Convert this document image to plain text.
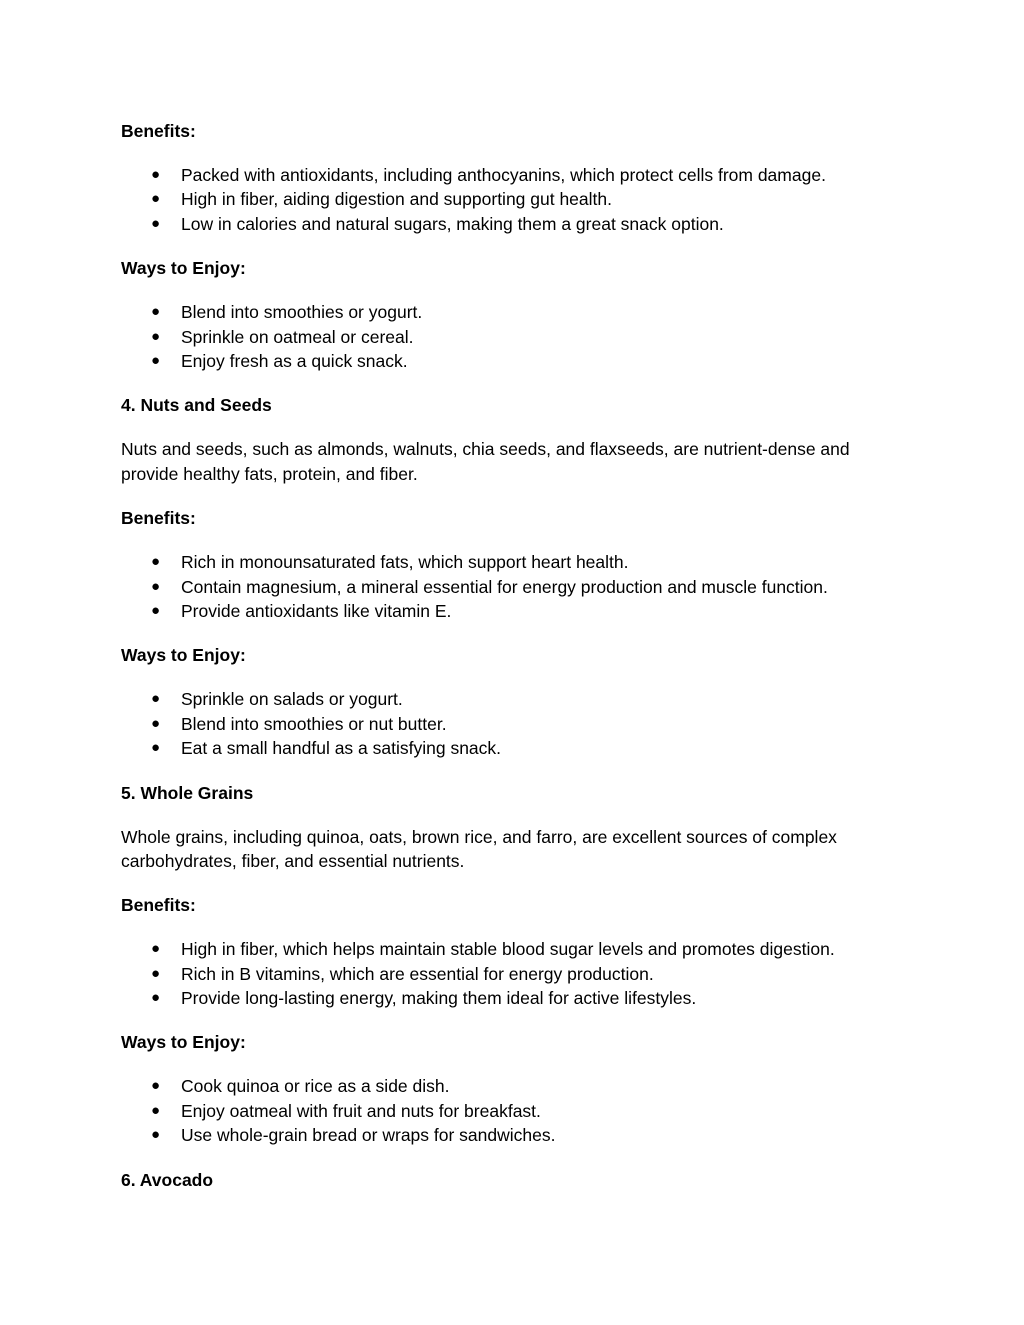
Benefits:

● Packed with antioxidants, including anthocyanins, which protect cells from damage.
● High in fiber, aiding digestion and supporting gut health.
● Low in calories and natural sugars, making them a great snack option.

Ways to Enjoy:

● Blend into smoothies or yogurt.
● Sprinkle on oatmeal or cereal.
● Enjoy fresh as a quick snack.

4. Nuts and Seeds

Nuts and seeds, such as almonds, walnuts, chia seeds, and flaxseeds, are nutrient-dense and provide healthy fats, protein, and fiber.

Benefits:

● Rich in monounsaturated fats, which support heart health.
● Contain magnesium, a mineral essential for energy production and muscle function.
● Provide antioxidants like vitamin E.

Ways to Enjoy:

● Sprinkle on salads or yogurt.
● Blend into smoothies or nut butter.
● Eat a small handful as a satisfying snack.

5. Whole Grains

Whole grains, including quinoa, oats, brown rice, and farro, are excellent sources of complex carbohydrates, fiber, and essential nutrients.

Benefits:

● High in fiber, which helps maintain stable blood sugar levels and promotes digestion.
● Rich in B vitamins, which are essential for energy production.
● Provide long-lasting energy, making them ideal for active lifestyles.

Ways to Enjoy:

● Cook quinoa or rice as a side dish.
● Enjoy oatmeal with fruit and nuts for breakfast.
● Use whole-grain bread or wraps for sandwiches.

6. Avocado
